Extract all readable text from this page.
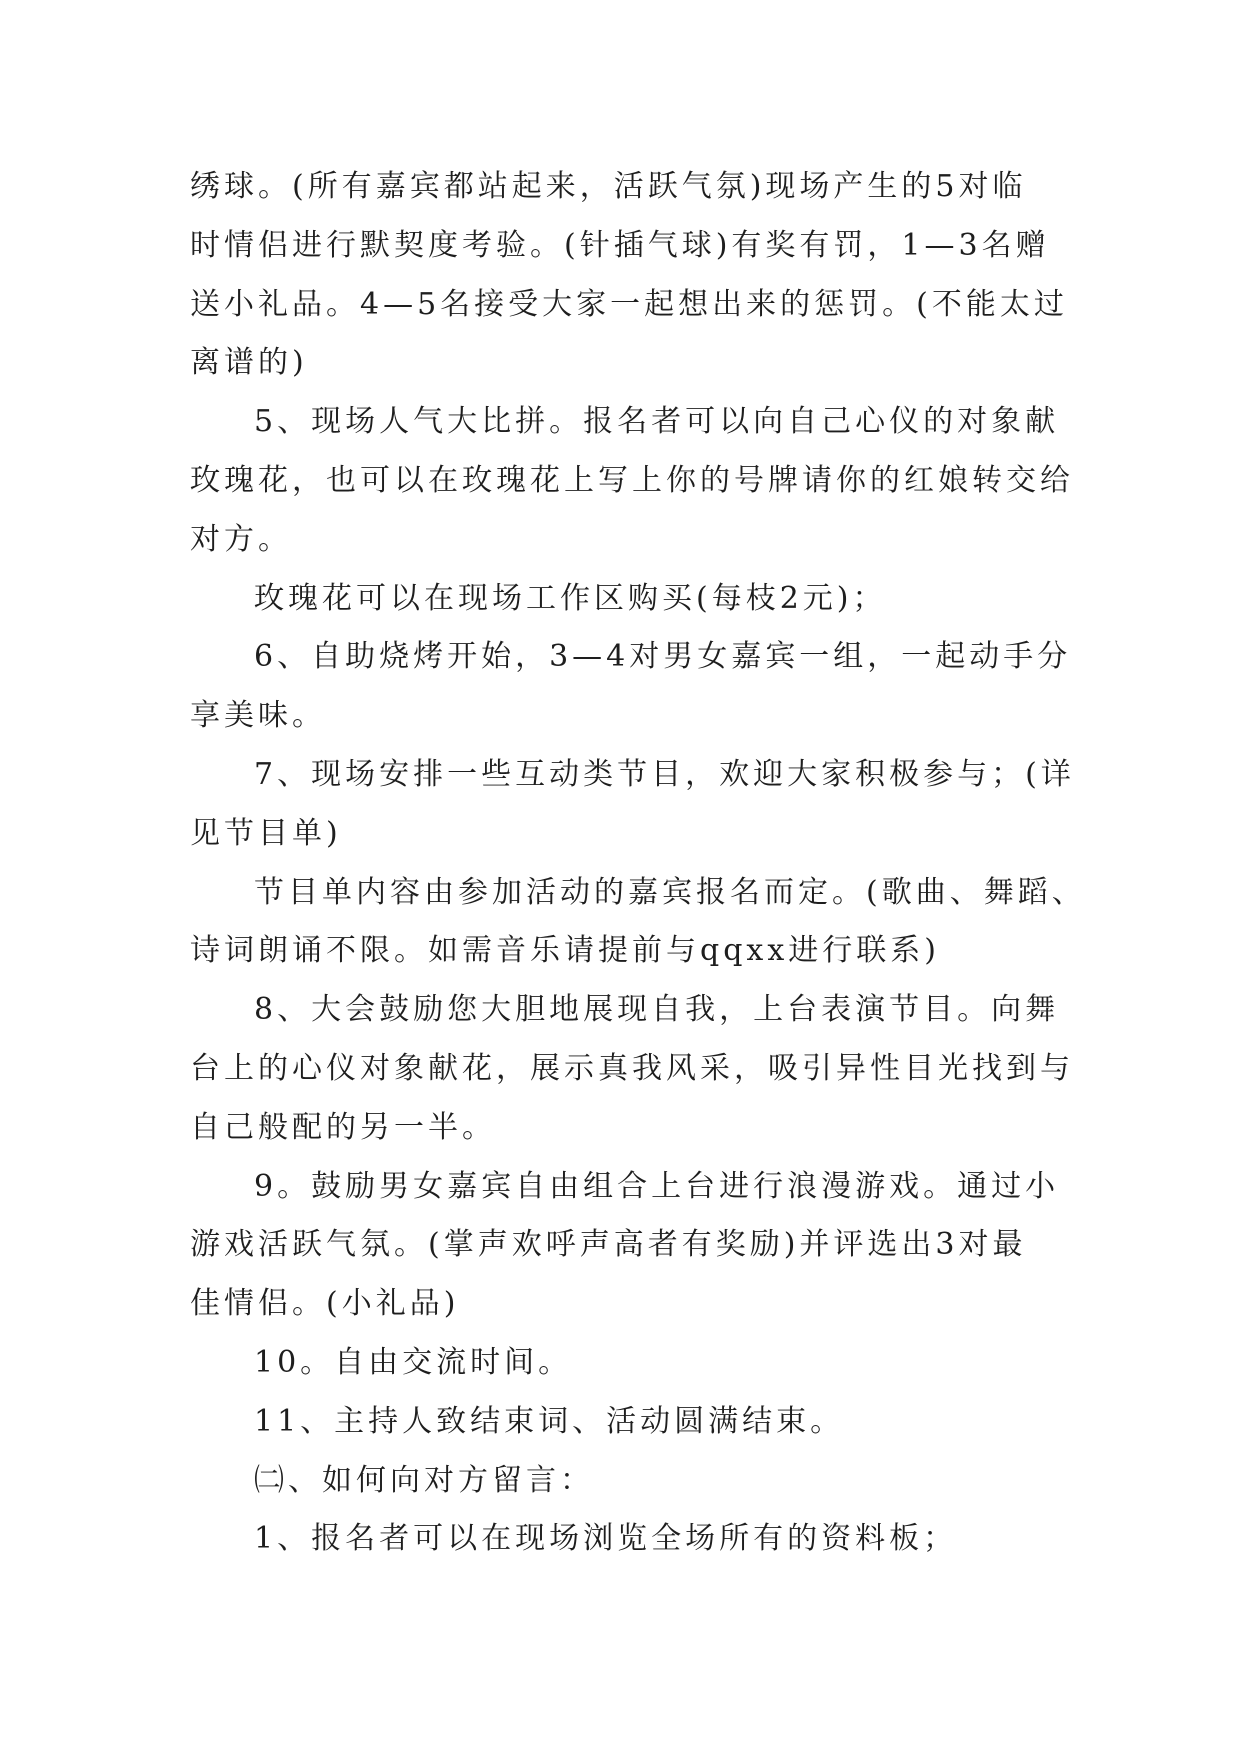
绣球。(所有嘉宾都站起来，活跃气氛)现场产生的5对临
时情侣进行默契度考验。(针插气球)有奖有罚，1—3名赠
送小礼品。4—5名接受大家一起想出来的惩罚。(不能太过
离谱的)
5、现场人气大比拼。报名者可以向自己心仪的对象献
玫瑰花，也可以在玫瑰花上写上你的号牌请你的红娘转交给
对方。
玫瑰花可以在现场工作区购买(每枝2元)；
6、自助烧烤开始，3—4对男女嘉宾一组，一起动手分
享美味。
7、现场安排一些互动类节目，欢迎大家积极参与；(详
见节目单)
节目单内容由参加活动的嘉宾报名而定。(歌曲、舞蹈、
诗词朗诵不限。如需音乐请提前与qqxx进行联系)
8、大会鼓励您大胆地展现自我，上台表演节目。向舞
台上的心仪对象献花，展示真我风采，吸引异性目光找到与
自己般配的另一半。
9。鼓励男女嘉宾自由组合上台进行浪漫游戏。通过小
游戏活跃气氛。(掌声欢呼声高者有奖励)并评选出3对最
佳情侣。(小礼品)
10。自由交流时间。
11、主持人致结束词、活动圆满结束。
㈡、如何向对方留言：
1、报名者可以在现场浏览全场所有的资料板；
